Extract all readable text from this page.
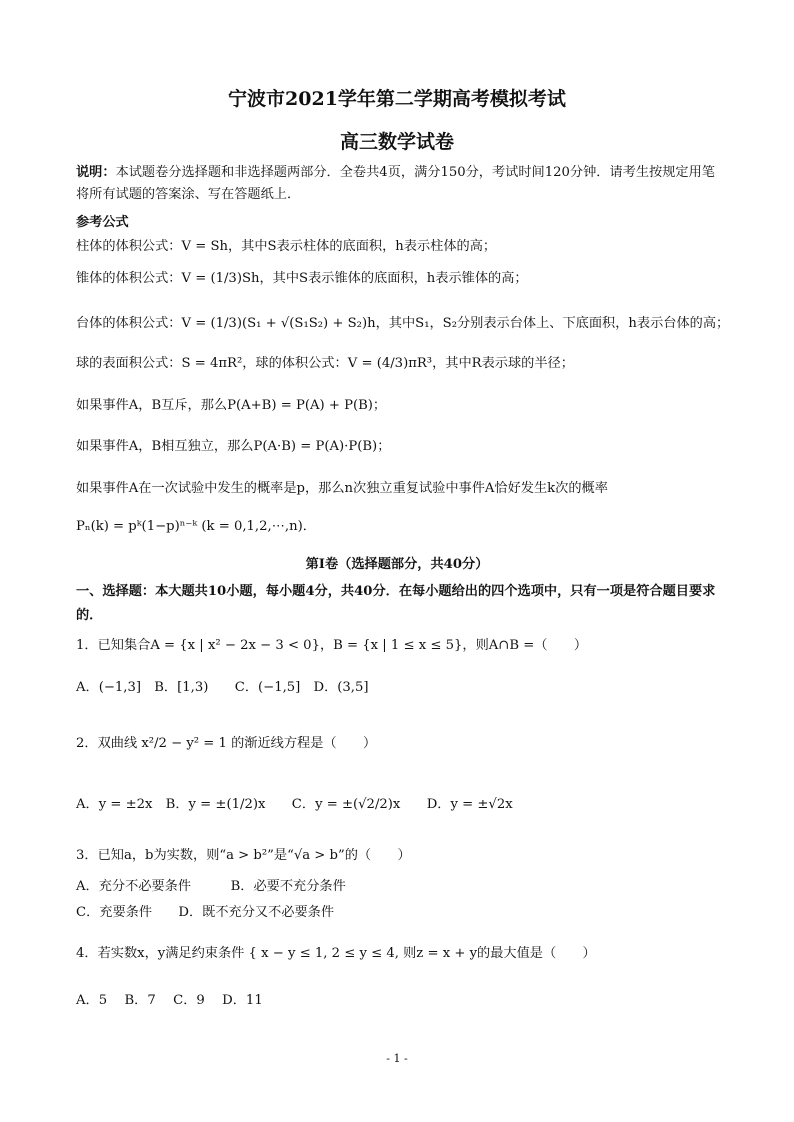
宁波市2021学年第二学期高考模拟考试
高三数学试卷
说明：本试题卷分选择题和非选择题两部分．全卷共4页，满分150分，考试时间120分钟．请考生按规定用笔将所有试题的答案涂、写在答题纸上．
参考公式
柱体的体积公式：V = Sh，其中S表示柱体的底面积，h表示柱体的高；
锥体的体积公式：V = (1/3)Sh，其中S表示锥体的底面积，h表示锥体的高；
台体的体积公式：V = (1/3)(S₁ + √(S₁S₂) + S₂)h，其中S₁，S₂分别表示台体上、下底面积，h表示台体的高；
球的表面积公式：S = 4πR²，球的体积公式：V = (4/3)πR³，其中R表示球的半径；
如果事件A，B互斥，那么P(A+B) = P(A) + P(B)；
如果事件A，B相互独立，那么P(A·B) = P(A)·P(B)；
如果事件A在一次试验中发生的概率是p，那么n次独立重复试验中事件A恰好发生k次的概率
Pₙ(k) = pᵏ(1−p)ⁿ⁻ᵏ (k = 0,1,2,⋯,n)．
第Ⅰ卷（选择题部分，共40分）
一、选择题：本大题共10小题，每小题4分，共40分．在每小题给出的四个选项中，只有一项是符合题目要求的．
1．已知集合A = {x | x² − 2x − 3 < 0}，B = {x | 1 ≤ x ≤ 5}，则A∩B =（　　）
A．(−1,3]　B．[1,3)　　C．(−1,5]　D．(3,5]
2．双曲线 x²/2 − y² = 1 的渐近线方程是（　　）
A．y = ±2x　B．y = ±(1/2)x　　C．y = ±(√2/2)x　　D．y = ±√2x
3．已知a，b为实数，则“a > b²”是“√a > b”的（　　）
A．充分不必要条件　　　B．必要不充分条件
C．充要条件　　D．既不充分又不必要条件
4．若实数x，y满足约束条件 { x − y ≤ 1, 2 ≤ y ≤ 4, 则z = x + y的最大值是（　　）
A．5　 B．7　 C．9　 D．11
- 1 -
